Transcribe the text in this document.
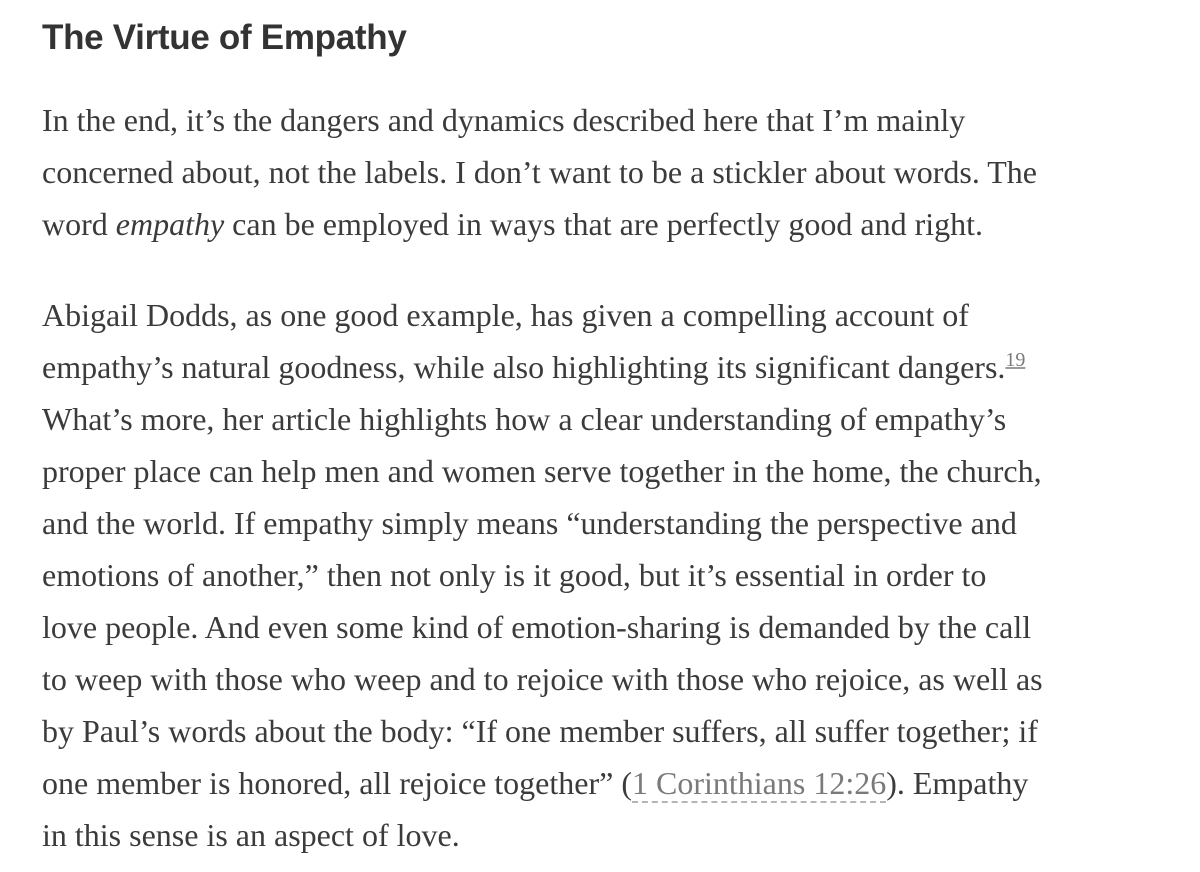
The Virtue of Empathy

In the end, it’s the dangers and dynamics described here that I’m mainly
concerned about, not the labels. I don’t want to be a stickler about words. The
word empathy can be employed in ways that are perfectly good and right.

Abigail Dodds, as one good example, has given a compelling account of
empathy’s natural goodness, while also highlighting its significant dangers.$^{19}$
What’s more, her article highlights how a clear understanding of empathy’s
proper place can help men and women serve together in the home, the church,
and the world. If empathy simply means “understanding the perspective and
emotions of another,” then not only is it good, but it’s essential in order to
love people. And even some kind of emotion-sharing is demanded by the call
to weep with those who weep and to rejoice with those who rejoice, as well as
by Paul’s words about the body: “If one member suffers, all suffer together; if
one member is honored, all rejoice together” (1 Corinthians 12:26). Empathy
in this sense is an aspect of love.
